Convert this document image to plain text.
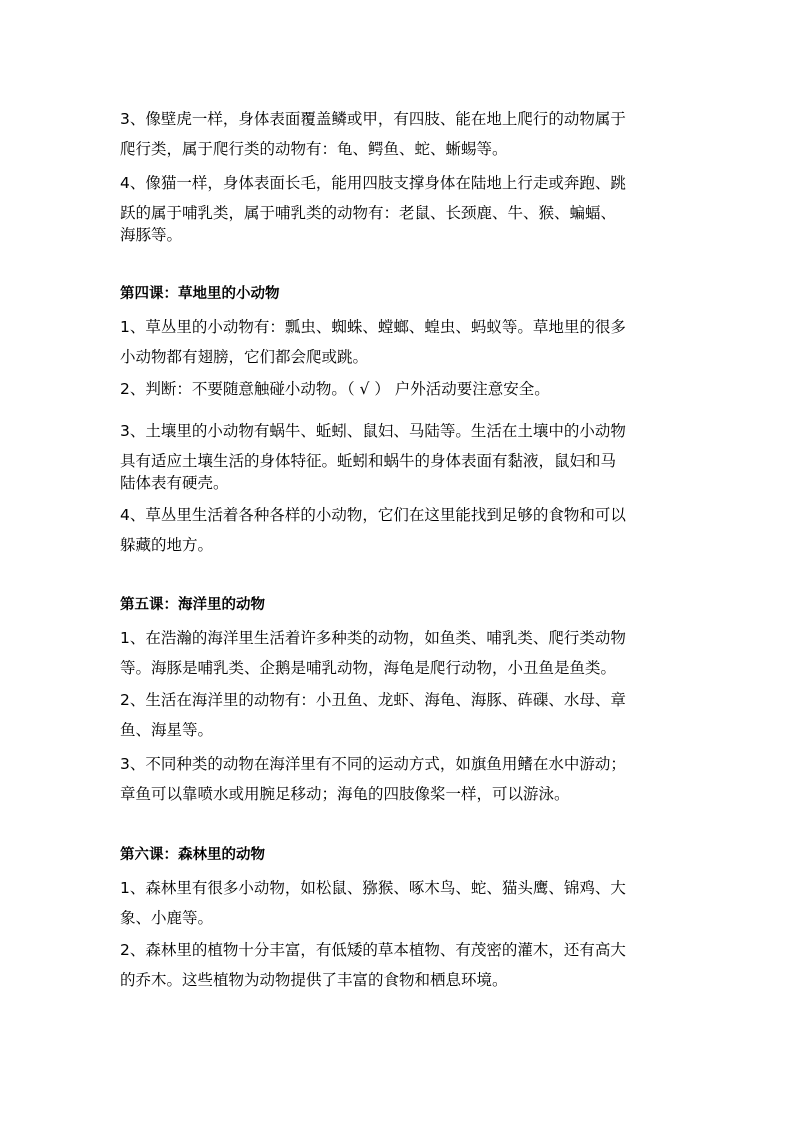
3、像壁虎一样，身体表面覆盖鳞或甲，有四肢、能在地上爬行的动物属于
爬行类，属于爬行类的动物有：龟、鳄鱼、蛇、蜥蜴等。
4、像猫一样，身体表面长毛，能用四肢支撑身体在陆地上行走或奔跑、跳
跃的属于哺乳类，属于哺乳类的动物有：老鼠、长颈鹿、牛、猴、蝙蝠、
海豚等。
第四课：草地里的小动物
1、草丛里的小动物有：瓢虫、蜘蛛、螳螂、蝗虫、蚂蚁等。草地里的很多
小动物都有翅膀，它们都会爬或跳。
2、判断：不要随意触碰小动物。（ √ ） 户外活动要注意安全。
3、土壤里的小动物有蜗牛、蚯蚓、鼠妇、马陆等。生活在土壤中的小动物
具有适应土壤生活的身体特征。蚯蚓和蜗牛的身体表面有黏液，鼠妇和马
陆体表有硬壳。
4、草丛里生活着各种各样的小动物，它们在这里能找到足够的食物和可以
躲藏的地方。
第五课：海洋里的动物
1、在浩瀚的海洋里生活着许多种类的动物，如鱼类、哺乳类、爬行类动物
等。海豚是哺乳类、企鹅是哺乳动物，海龟是爬行动物，小丑鱼是鱼类。
2、生活在海洋里的动物有：小丑鱼、龙虾、海龟、海豚、砗磲、水母、章
鱼、海星等。
3、不同种类的动物在海洋里有不同的运动方式，如旗鱼用鳍在水中游动；
章鱼可以靠喷水或用腕足移动；海龟的四肢像桨一样，可以游泳。
第六课：森林里的动物
1、森林里有很多小动物，如松鼠、猕猴、啄木鸟、蛇、猫头鹰、锦鸡、大
象、小鹿等。
2、森林里的植物十分丰富，有低矮的草本植物、有茂密的灌木，还有高大
的乔木。这些植物为动物提供了丰富的食物和栖息环境。
